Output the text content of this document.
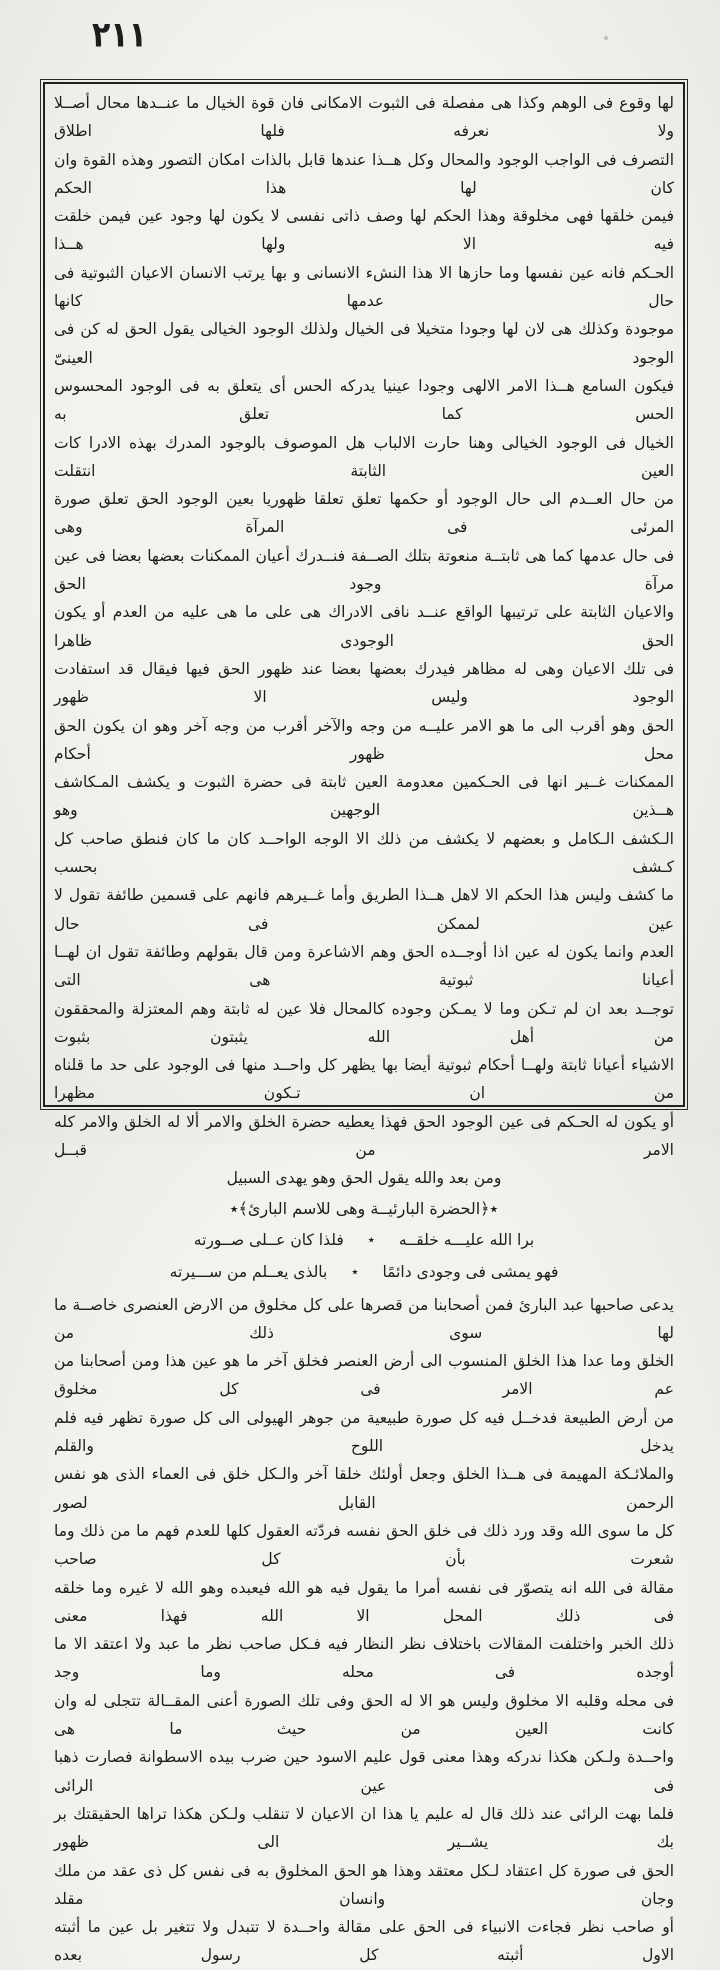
٢١١
لها وقوع فى الوهم وكذا هى مفصلة فى الثبوت الامكانى فان قوة الخيال ما عنــدها محال أصــلا ولا نعرفه فلها اطلاق
التصرف فى الواجب الوجود والمحال وكل هــذا عندها قابل بالذات امكان التصور وهذه القوة وان كان لها هذا الحكم
فيمن خلقها فهى مخلوقة وهذا الحكم لها وصف ذاتى نفسى لا يكون لها وجود عين فيمن خلقت فيه الا ولها هــذا
الحـكم فانه عين نفسها وما حازها الا هذا النشء الانسانى و بها يرتب الانسان الاعيان الثبوتية فى حال عدمها كانها
موجودة وكذلك هى لان لها وجودا متخيلا فى الخيال ولذلك الوجود الخيالى يقول الحق له كن فى الوجود العينىّ
فيكون السامع هــذا الامر الالهى وجودا عينيا يدركه الحس أى يتعلق به فى الوجود المحسوس الحس كما تعلق به
الخيال فى الوجود الخيالى وهنا حارت الالباب هل الموصوف بالوجود المدرك بهذه الادرا كات العين الثابتة انتقلت
من حال العــدم الى حال الوجود أو حكمها تعلق تعلقا ظهوريا بعين الوجود الحق تعلق صورة المرئى فى المرآة وهى
فى حال عدمها كما هى ثابتــة منعوتة بتلك الصــفة فنــدرك أعيان الممكنات بعضها بعضا فى عين مرآة وجود الحق
والاعيان الثابتة على ترتيبها الواقع عنــد نافى الادراك هى على ما هى عليه من العدم أو يكون الحق الوجودى ظاهرا
فى تلك الاعيان وهى له مظاهر فيدرك بعضها بعضا عند ظهور الحق فيها فيقال قد استفادت الوجود وليس الا ظهور
الحق وهو أقرب الى ما هو الامر عليــه من وجه والآخر أقرب من وجه آخر وهو ان يكون الحق محل ظهور أحكام
الممكنات غــير انها فى الحـكمين معدومة العين ثابتة فى حضرة الثبوت و يكشف المـكاشف هــذين الوجهين وهو
الـكشف الـكامل و بعضهم لا يكشف من ذلك الا الوجه الواحــد كان ما كان فنطق صاحب كل كـشف بحسب
ما كشف وليس هذا الحكم الا لاهل هــذا الطريق وأما غــيرهم فانهم على قسمين طائفة تقول لا عين لممكن فى حال
العدم وانما يكون له عين اذا أوجــده الحق وهم الاشاعرة ومن قال بقولهم وطائفة تقول ان لهــا أعيانا ثبوتية هى التى
توجــد بعد ان لم تـكن وما لا يمـكن وجوده كالمحال فلا عين له ثابتة وهم المعتزلة والمحققون من أهل الله يثبتون بثبوت
الاشياء أعيانا ثابتة ولهــا أحكام ثبوتية أيضا بها يظهر كل واحــد منها فى الوجود على حد ما قلناه من ان تـكون مظهرا
أو يكون له الحـكم فى عين الوجود الحق فهذا يعطيه حضرة الخلق والامر ألا له الخلق والامر كله الامر من قبــل
ومن بعد والله يقول الحق وهو يهدى السبيل
٭﴿الحضرة البارئيــة وهى للاسم البارئ﴾٭
برا الله عليـــه خلقــه
٭
فلذا كان عــلى صــورته
فهو يمشى فى وجودى دائمًا
٭
بالذى يعــلم من ســـيرته
يدعى صاحبها عبد البارئ فمن أصحابنا من قصرها على كل مخلوق من الارض العنصرى خاصــة ما لها سوى ذلك من
الخلق وما عدا هذا الخلق المنسوب الى أرض العنصر فخلق آخر ما هو عين هذا ومن أصحابنا من عم الامر فى كل مخلوق
من أرض الطبيعة فدخــل فيه كل صورة طبيعية من جوهر الهيولى الى كل صورة تظهر فيه فلم يدخل اللوح والقلم
والملائـكة المهيمة فى هــذا الخلق وجعل أولئك خلقا آخر والـكل خلق فى العماء الذى هو نفس الرحمن القابل لصور
كل ما سوى الله وقد ورد ذلك فى خلق الحق نفسه فردّته العقول كلها للعدم فهم ما من ذلك وما شعرت بأن كل صاحب
مقالة فى الله انه يتصوّر فى نفسه أمرا ما يقول فيه هو الله فيعبده وهو الله لا غيره وما خلقه فى ذلك المحل الا الله فهذا معنى
ذلك الخبر واختلفت المقالات باختلاف نظر النظار فيه فـكل صاحب نظر ما عبد ولا اعتقد الا ما أوجده فى محله وما وجد
فى محله وقلبه الا مخلوق وليس هو الا له الحق وفى تلك الصورة أعنى المقــالة تتجلى له وان كانت العين من حيث ما هى
واحــدة ولـكن هكذا ندركه وهذا معنى قول عليم الاسود حين ضرب بيده الاسطوانة فصارت ذهبا فى عين الرائى
فلما بهت الرائى عند ذلك قال له عليم يا هذا ان الاعيان لا تنقلب ولـكن هكذا تراها الحقيقتك بر بك يشــير الى ظهور
الحق فى صورة كل اعتقاد لـكل معتقد وهذا هو الحق المخلوق به فى نفس كل ذى عقد من ملك وجان وانسان مقلد
أو صاحب نظر فجاءت الانبياء فى الحق على مقالة واحــدة لا تتبدل ولا تتغير بل عين ما أثبته الاول أثبته كل رسول بعده
